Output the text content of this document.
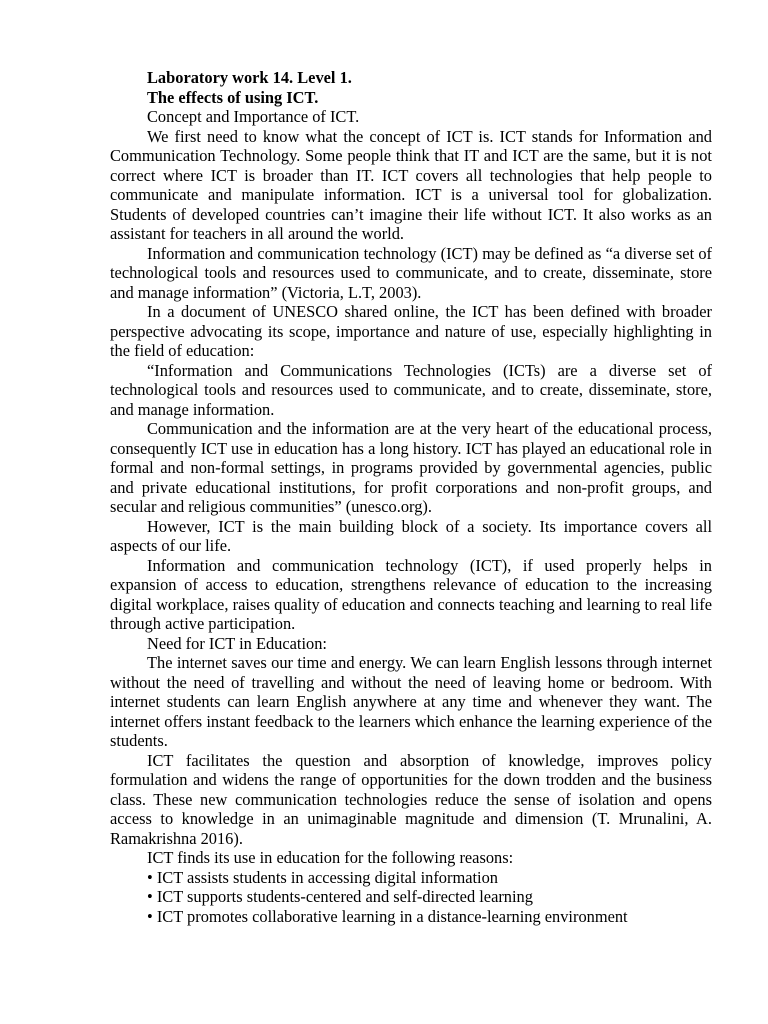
Laboratory work 14. Level 1.

The effects of using ICT.

Concept and Importance of ICT.

We first need to know what the concept of ICT is. ICT stands for Information and Communication Technology. Some people think that IT and ICT are the same, but it is not correct where ICT is broader than IT. ICT covers all technologies that help people to communicate and manipulate information. ICT is a universal tool for globalization. Students of developed countries can’t imagine their life without ICT. It also works as an assistant for teachers in all around the world.

Information and communication technology (ICT) may be defined as “a diverse set of technological tools and resources used to communicate, and to create, disseminate, store and manage information” (Victoria, L.T, 2003).

In a document of UNESCO shared online, the ICT has been defined with broader perspective advocating its scope, importance and nature of use, especially highlighting in the field of education:

“Information and Communications Technologies (ICTs) are a diverse set of technological tools and resources used to communicate, and to create, disseminate, store, and manage information.

Communication and the information are at the very heart of the educational process, consequently ICT use in education has a long history. ICT has played an educational role in formal and non-formal settings, in programs provided by governmental agencies, public and private educational institutions, for profit corporations and non-profit groups, and secular and religious communities” (unesco.org).

However, ICT is the main building block of a society. Its importance covers all aspects of our life.

Information and communication technology (ICT), if used properly helps in expansion of access to education, strengthens relevance of education to the increasing digital workplace, raises quality of education and connects teaching and learning to real life through active participation.

Need for ICT in Education:

The internet saves our time and energy. We can learn English lessons through internet without the need of travelling and without the need of leaving home or bedroom. With internet students can learn English anywhere at any time and whenever they want. The internet offers instant feedback to the learners which enhance the learning experience of the students.

ICT facilitates the question and absorption of knowledge, improves policy formulation and widens the range of opportunities for the down trodden and the business class. These new communication technologies reduce the sense of isolation and opens access to knowledge in an unimaginable magnitude and dimension (T. Mrunalini, A. Ramakrishna 2016).

ICT finds its use in education for the following reasons:

• ICT assists students in accessing digital information

• ICT supports students-centered and self-directed learning

• ICT promotes collaborative learning in a distance-learning environment
